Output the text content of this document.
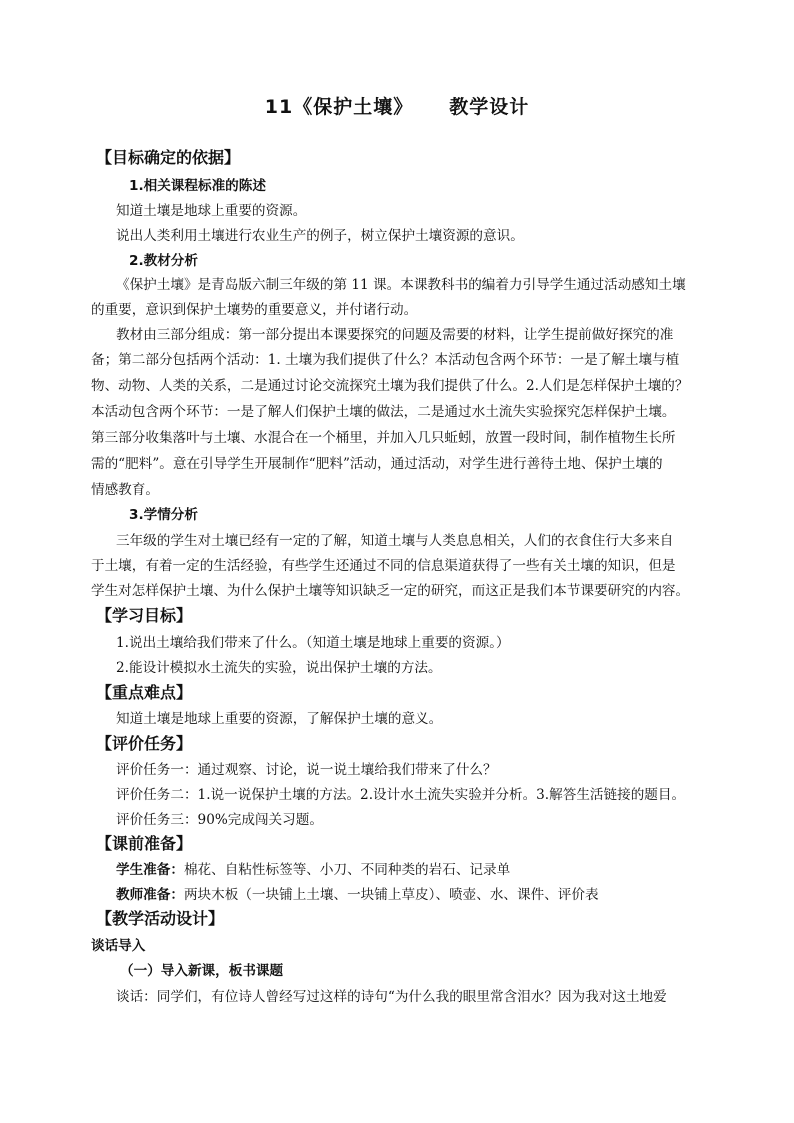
11《保护土壤》 教学设计
【目标确定的依据】
1.相关课程标准的陈述
知道土壤是地球上重要的资源。
说出人类利用土壤进行农业生产的例子，树立保护土壤资源的意识。
2.教材分析
《保护土壤》是青岛版六制三年级的第 11 课。本课教科书的编着力引导学生通过活动感知土壤
的重要，意识到保护土壤势的重要意义，并付诸行动。
教材由三部分组成：第一部分提出本课要探究的问题及需要的材料，让学生提前做好探究的准
备；第二部分包括两个活动：1. 土壤为我们提供了什么？本活动包含两个环节：一是了解土壤与植
物、动物、人类的关系，二是通过讨论交流探究土壤为我们提供了什么。2.人们是怎样保护土壤的？
本活动包含两个环节：一是了解人们保护土壤的做法，二是通过水土流失实验探究怎样保护土壤。
第三部分收集落叶与土壤、水混合在一个桶里，并加入几只蚯蚓，放置一段时间，制作植物生长所
需的“肥料”。意在引导学生开展制作“肥料”活动，通过活动，对学生进行善待土地、保护土壤的
情感教育。
3.学情分析
三年级的学生对土壤已经有一定的了解，知道土壤与人类息息相关，人们的衣食住行大多来自
于土壤，有着一定的生活经验，有些学生还通过不同的信息渠道获得了一些有关土壤的知识，但是
学生对怎样保护土壤、为什么保护土壤等知识缺乏一定的研究，而这正是我们本节课要研究的内容。
【学习目标】
1.说出土壤给我们带来了什么。（知道土壤是地球上重要的资源。）
2.能设计模拟水土流失的实验，说出保护土壤的方法。
【重点难点】
知道土壤是地球上重要的资源，了解保护土壤的意义。
【评价任务】
评价任务一：通过观察、讨论，说一说土壤给我们带来了什么？
评价任务二：1.说一说保护土壤的方法。2.设计水土流失实验并分析。3.解答生活链接的题目。
评价任务三：90%完成闯关习题。
【课前准备】
学生准备：棉花、自粘性标签等、小刀、不同种类的岩石、记录单
教师准备：两块木板（一块铺上土壤、一块铺上草皮）、喷壶、水、课件、评价表
【教学活动设计】
谈话导入
（一）导入新课，板书课题
谈话：同学们，有位诗人曾经写过这样的诗句“为什么我的眼里常含泪水？因为我对这土地爱
